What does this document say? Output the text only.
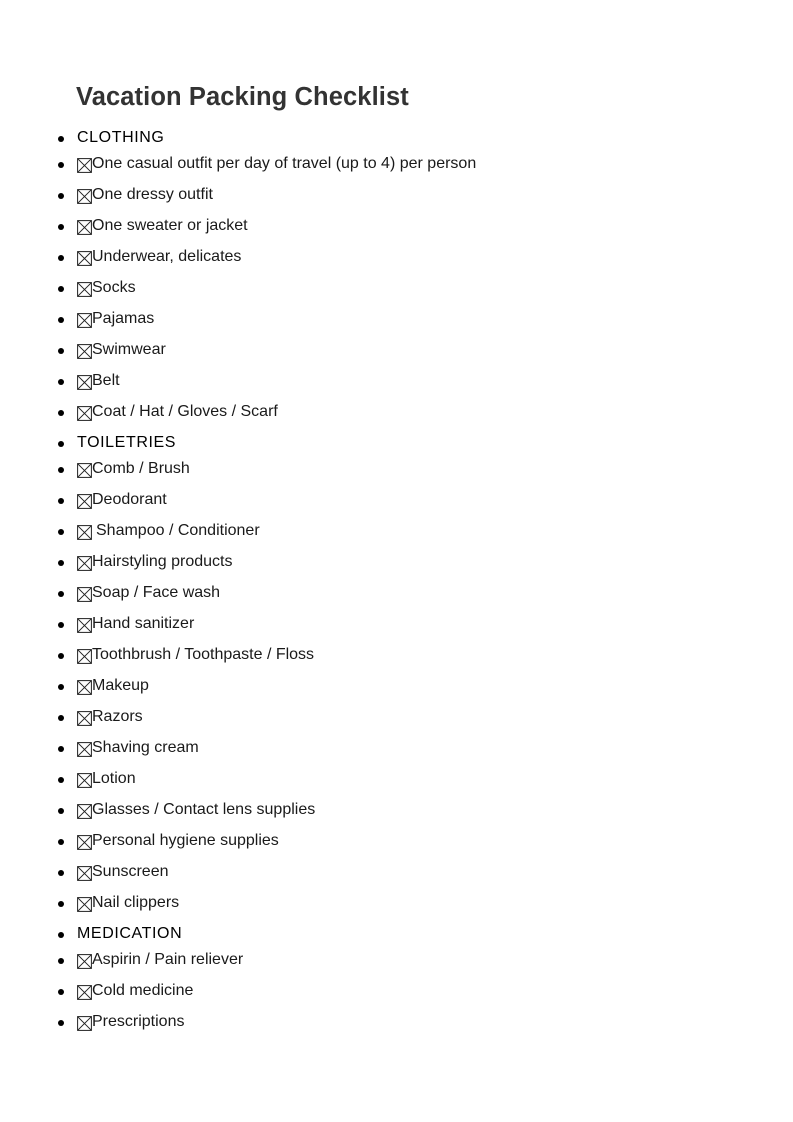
Vacation Packing Checklist
CLOTHING
One casual outfit per day of travel (up to 4) per person
One dressy outfit
One sweater or jacket
Underwear, delicates
Socks
Pajamas
Swimwear
Belt
Coat / Hat / Gloves / Scarf
TOILETRIES
Comb / Brush
Deodorant
Shampoo / Conditioner
Hairstyling products
Soap / Face wash
Hand sanitizer
Toothbrush / Toothpaste / Floss
Makeup
Razors
Shaving cream
Lotion
Glasses / Contact lens supplies
Personal hygiene supplies
Sunscreen
Nail clippers
MEDICATION
Aspirin / Pain reliever
Cold medicine
Prescriptions
